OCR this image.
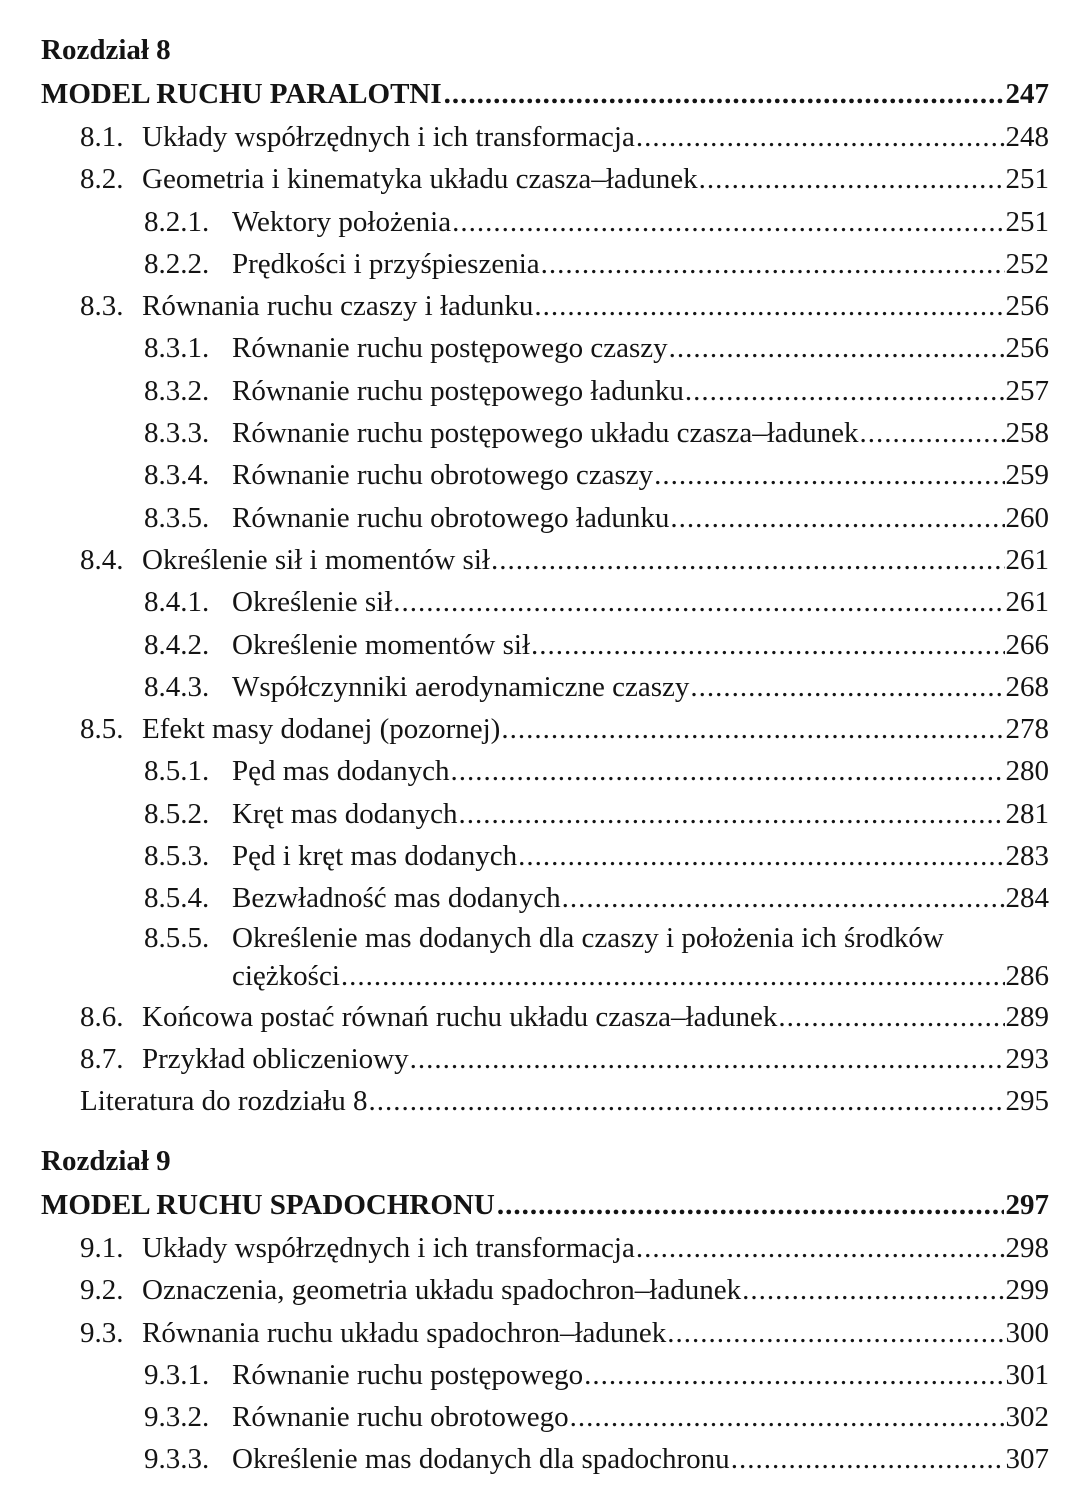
Rozdział 8
MODEL RUCHU PARALOTNI .....	247
8.1. Układy współrzędnych i ich transformacja .....	248
8.2. Geometria i kinematyka układu czasza–ładunek .....	251
8.2.1. Wektory położenia .....	251
8.2.2. Prędkości i przyśpieszenia .....	252
8.3. Równania ruchu czaszy i ładunku .....	256
8.3.1. Równanie ruchu postępowego czaszy .....	256
8.3.2. Równanie ruchu postępowego ładunku .....	257
8.3.3. Równanie ruchu postępowego układu czasza–ładunek .....	258
8.3.4. Równanie ruchu obrotowego czaszy .....	259
8.3.5. Równanie ruchu obrotowego ładunku .....	260
8.4. Określenie sił i momentów sił .....	261
8.4.1. Określenie sił .....	261
8.4.2. Określenie momentów sił .....	266
8.4.3. Współczynniki aerodynamiczne czaszy .....	268
8.5. Efekt masy dodanej (pozornej) .....	278
8.5.1. Pęd mas dodanych .....	280
8.5.2. Kręt mas dodanych .....	281
8.5.3. Pęd i kręt mas dodanych .....	283
8.5.4. Bezwładność mas dodanych .....	284
8.5.5. Określenie mas dodanych dla czaszy i położenia ich środków
ciężkości .....	286
8.6. Końcowa postać równań ruchu układu czasza–ładunek .....	289
8.7. Przykład obliczeniowy .....	293
Literatura do rozdziału 8 .....	295
Rozdział 9
MODEL RUCHU SPADOCHRONU .....	297
9.1. Układy współrzędnych i ich transformacja .....	298
9.2. Oznaczenia, geometria układu spadochron–ładunek .....	299
9.3. Równania ruchu układu spadochron–ładunek .....	300
9.3.1. Równanie ruchu postępowego .....	301
9.3.2. Równanie ruchu obrotowego .....	302
9.3.3. Określenie mas dodanych dla spadochronu .....	307
